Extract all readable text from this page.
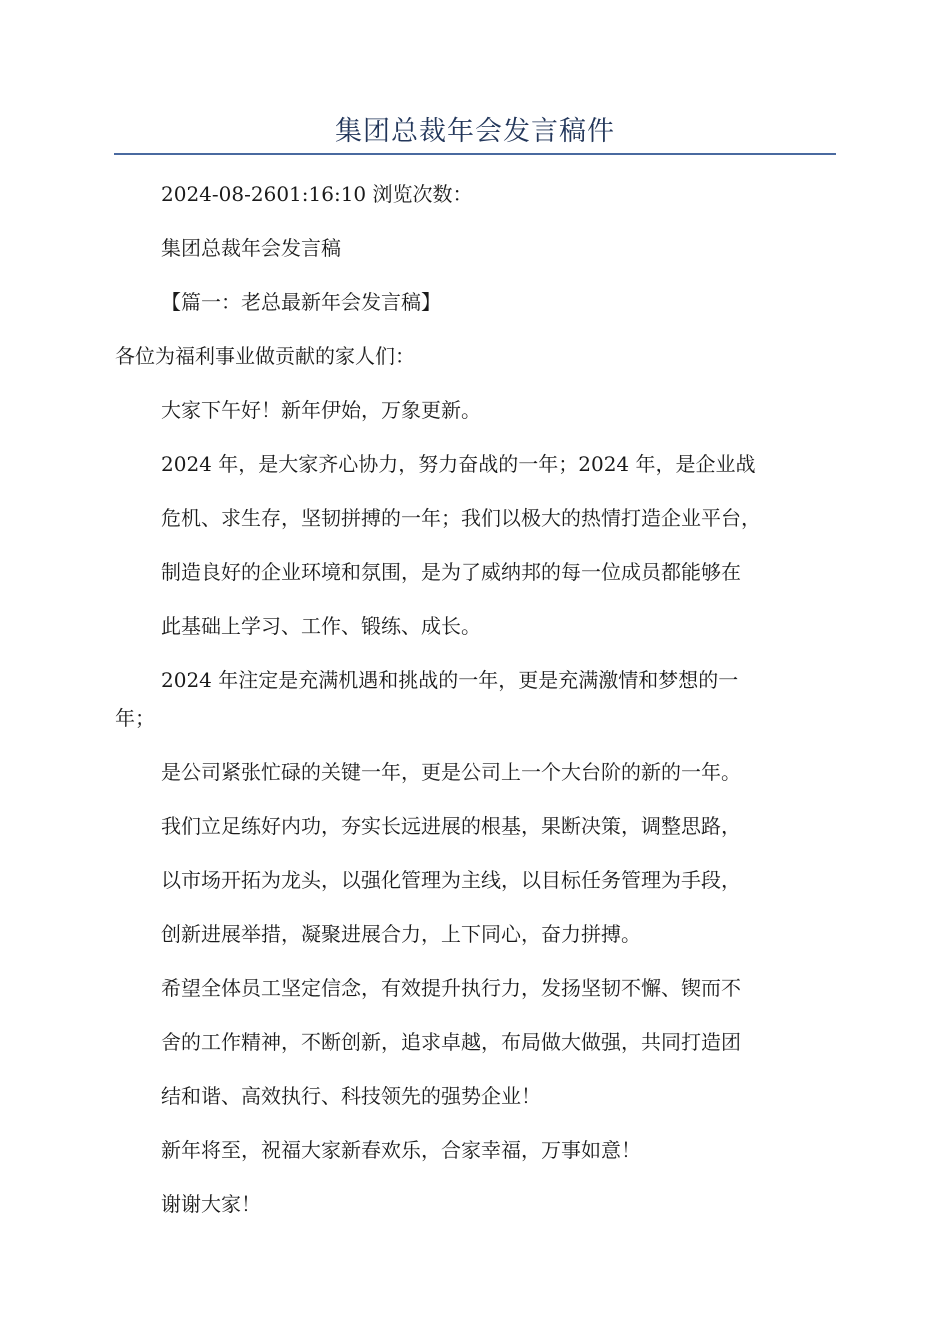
集团总裁年会发言稿件

2024-08-2601:16:10 浏览次数：

集团总裁年会发言稿

【篇一：老总最新年会发言稿】

各位为福利事业做贡献的家人们：

大家下午好！新年伊始，万象更新。

2024 年，是大家齐心协力，努力奋战的一年；2024 年，是企业战

危机、求生存，坚韧拼搏的一年；我们以极大的热情打造企业平台，

制造良好的企业环境和氛围，是为了威纳邦的每一位成员都能够在

此基础上学习、工作、锻练、成长。

2024 年注定是充满机遇和挑战的一年，更是充满激情和梦想的一

年；

是公司紧张忙碌的关键一年，更是公司上一个大台阶的新的一年。

我们立足练好内功，夯实长远进展的根基，果断决策，调整思路，

以市场开拓为龙头，以强化管理为主线，以目标任务管理为手段，

创新进展举措，凝聚进展合力，上下同心，奋力拼搏。

希望全体员工坚定信念，有效提升执行力，发扬坚韧不懈、锲而不

舍的工作精神，不断创新，追求卓越，布局做大做强，共同打造团

结和谐、高效执行、科技领先的强势企业！

新年将至，祝福大家新春欢乐，合家幸福，万事如意！

谢谢大家！
